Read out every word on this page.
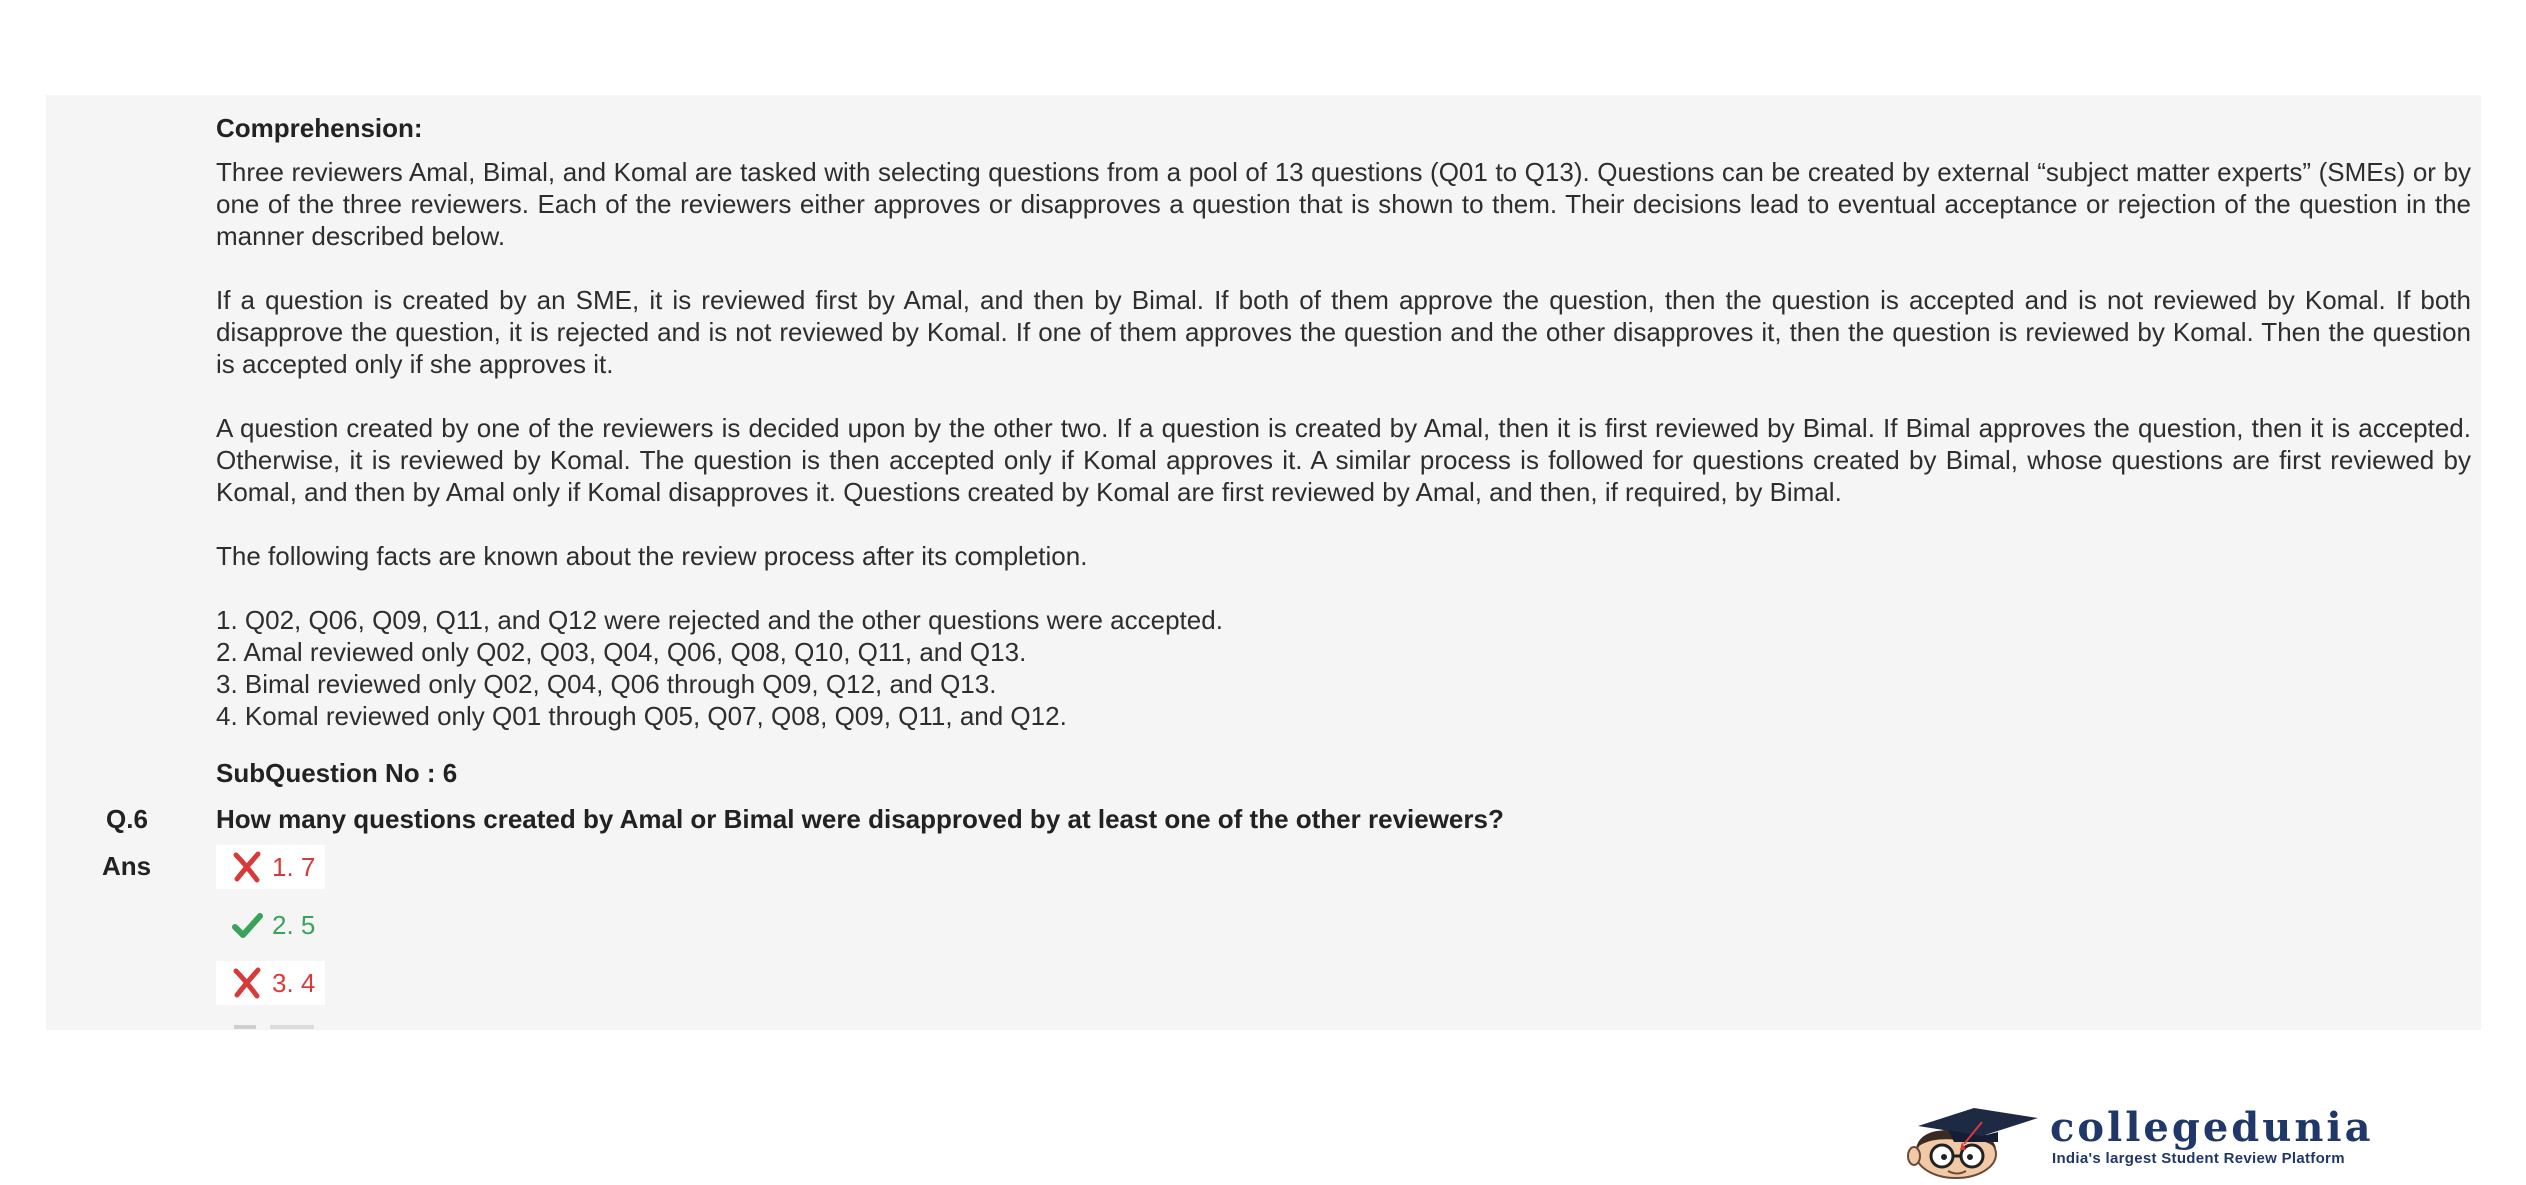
Comprehension:

Three reviewers Amal, Bimal, and Komal are tasked with selecting questions from a pool of 13 questions (Q01 to Q13). Questions can be created by external “subject matter experts” (SMEs) or by one of the three reviewers. Each of the reviewers either approves or disapproves a question that is shown to them. Their decisions lead to eventual acceptance or rejection of the question in the manner described below.

If a question is created by an SME, it is reviewed first by Amal, and then by Bimal. If both of them approve the question, then the question is accepted and is not reviewed by Komal. If both disapprove the question, it is rejected and is not reviewed by Komal. If one of them approves the question and the other disapproves it, then the question is reviewed by Komal. Then the question is accepted only if she approves it.

A question created by one of the reviewers is decided upon by the other two. If a question is created by Amal, then it is first reviewed by Bimal. If Bimal approves the question, then it is accepted. Otherwise, it is reviewed by Komal. The question is then accepted only if Komal approves it. A similar process is followed for questions created by Bimal, whose questions are first reviewed by Komal, and then by Amal only if Komal disapproves it. Questions created by Komal are first reviewed by Amal, and then, if required, by Bimal.

The following facts are known about the review process after its completion.

1. Q02, Q06, Q09, Q11, and Q12 were rejected and the other questions were accepted.
2. Amal reviewed only Q02, Q03, Q04, Q06, Q08, Q10, Q11, and Q13.
3. Bimal reviewed only Q02, Q04, Q06 through Q09, Q12, and Q13.
4. Komal reviewed only Q01 through Q05, Q07, Q08, Q09, Q11, and Q12.
SubQuestion No : 6
Q.6	How many questions created by Amal or Bimal were disapproved by at least one of the other reviewers?
Ans	1. 7
2. 5
3. 4
collegedunia
India's largest Student Review Platform
